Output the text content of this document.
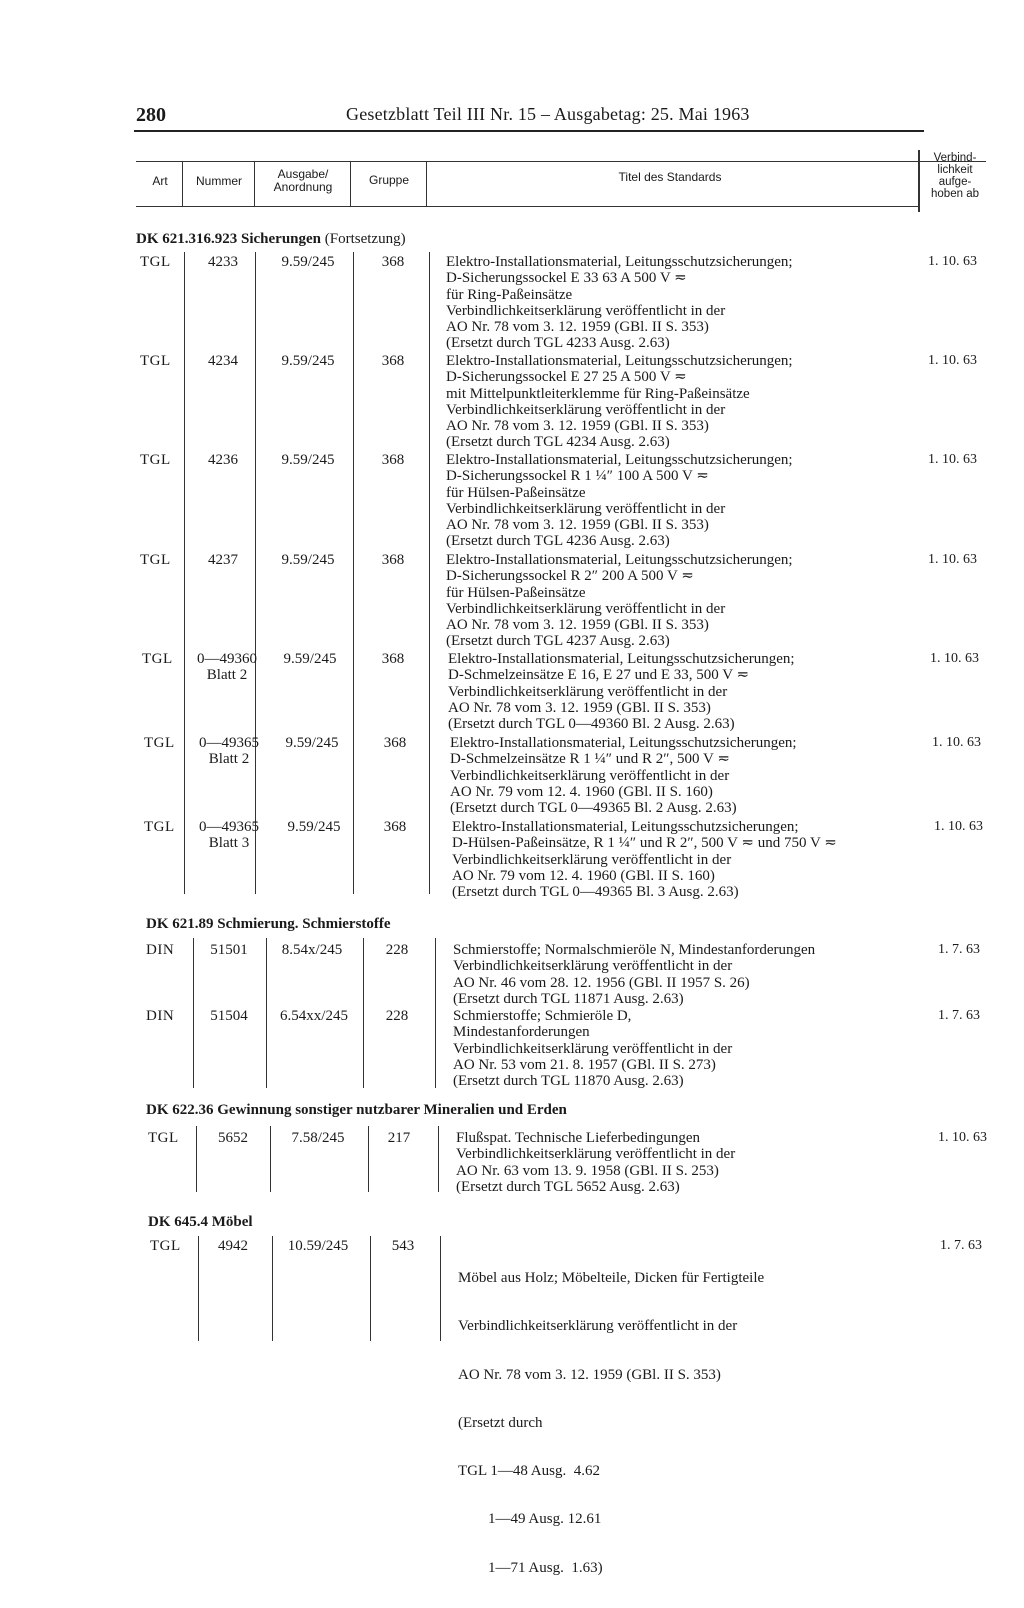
280	Gesetzblatt Teil III Nr. 15 – Ausgabetag: 25. Mai 1963
Art	Nummer	Ausgabe/
Anordnung	Gruppe	Titel des Standards
Verbind-
lichkeit
aufge-
hoben ab
DK 621.316.923 Sicherungen (Fortsetzung)
TGL	4233	9.59/245	368	Elektro-Installationsmaterial, Leitungsschutzsicherungen;
D-Sicherungssockel E 33 63 A 500 V ≂
für Ring-Paßeinsätze
Verbindlichkeitserklärung veröffentlicht in der
AO Nr. 78 vom 3. 12. 1959 (GBl. II S. 353)
(Ersetzt durch TGL 4233 Ausg. 2.63)
1. 10. 63
TGL	4234	9.59/245	368	Elektro-Installationsmaterial, Leitungsschutzsicherungen;
D-Sicherungssockel E 27 25 A 500 V ≂
mit Mittelpunktleiterklemme für Ring-Paßeinsätze
Verbindlichkeitserklärung veröffentlicht in der
AO Nr. 78 vom 3. 12. 1959 (GBl. II S. 353)
(Ersetzt durch TGL 4234 Ausg. 2.63)
1. 10. 63
TGL	4236	9.59/245	368	Elektro-Installationsmaterial, Leitungsschutzsicherungen;
D-Sicherungssockel R 1 ¼″ 100 A 500 V ≂
für Hülsen-Paßeinsätze
Verbindlichkeitserklärung veröffentlicht in der
AO Nr. 78 vom 3. 12. 1959 (GBl. II S. 353)
(Ersetzt durch TGL 4236 Ausg. 2.63)
1. 10. 63
TGL	4237	9.59/245	368	Elektro-Installationsmaterial, Leitungsschutzsicherungen;
D-Sicherungssockel R 2″ 200 A 500 V ≂
für Hülsen-Paßeinsätze
Verbindlichkeitserklärung veröffentlicht in der
AO Nr. 78 vom 3. 12. 1959 (GBl. II S. 353)
(Ersetzt durch TGL 4237 Ausg. 2.63)
1. 10. 63
TGL	0—49360
Blatt 2
9.59/245	368	Elektro-Installationsmaterial, Leitungsschutzsicherungen;
D-Schmelzeinsätze E 16, E 27 und E 33, 500 V ≂
Verbindlichkeitserklärung veröffentlicht in der
AO Nr. 78 vom 3. 12. 1959 (GBl. II S. 353)
(Ersetzt durch TGL 0—49360 Bl. 2 Ausg. 2.63)
1. 10. 63
TGL	0—49365
Blatt 2
9.59/245	368	Elektro-Installationsmaterial, Leitungsschutzsicherungen;
D-Schmelzeinsätze R 1 ¼″ und R 2″, 500 V ≂
Verbindlichkeitserklärung veröffentlicht in der
AO Nr. 79 vom 12. 4. 1960 (GBl. II S. 160)
(Ersetzt durch TGL 0—49365 Bl. 2 Ausg. 2.63)
1. 10. 63
TGL	0—49365
Blatt 3
9.59/245	368	Elektro-Installationsmaterial, Leitungsschutzsicherungen;
D-Hülsen-Paßeinsätze, R 1 ¼″ und R 2″, 500 V ≂ und 750 V ≂
Verbindlichkeitserklärung veröffentlicht in der
AO Nr. 79 vom 12. 4. 1960 (GBl. II S. 160)
(Ersetzt durch TGL 0—49365 Bl. 3 Ausg. 2.63)
1. 10. 63
DK 621.89 Schmierung. Schmierstoffe
DIN	51501	8.54x/245	228	Schmierstoffe; Normalschmieröle N, Mindestanforderungen
Verbindlichkeitserklärung veröffentlicht in der
AO Nr. 46 vom 28. 12. 1956 (GBl. II 1957 S. 26)
(Ersetzt durch TGL 11871 Ausg. 2.63)
1. 7. 63
DIN	51504	6.54xx/245	228	Schmierstoffe; Schmieröle D,
Mindestanforderungen
Verbindlichkeitserklärung veröffentlicht in der
AO Nr. 53 vom 21. 8. 1957 (GBl. II S. 273)
(Ersetzt durch TGL 11870 Ausg. 2.63)
1. 7. 63
DK 622.36 Gewinnung sonstiger nutzbarer Mineralien und Erden
TGL	5652	7.58/245	217	Flußspat. Technische Lieferbedingungen
Verbindlichkeitserklärung veröffentlicht in der
AO Nr. 63 vom 13. 9. 1958 (GBl. II S. 253)
(Ersetzt durch TGL 5652 Ausg. 2.63)
1. 10. 63
DK 645.4 Möbel
TGL	4942	10.59/245	543

Möbel aus Holz; Möbelteile, Dicken für Fertigteile

Verbindlichkeitserklärung veröffentlicht in der

AO Nr. 78 vom 3. 12. 1959 (GBl. II S. 353)

(Ersetzt durch

TGL 1—48 Ausg.  4.62

1—49 Ausg. 12.61

1—71 Ausg.  1.63)

1. 7. 63
